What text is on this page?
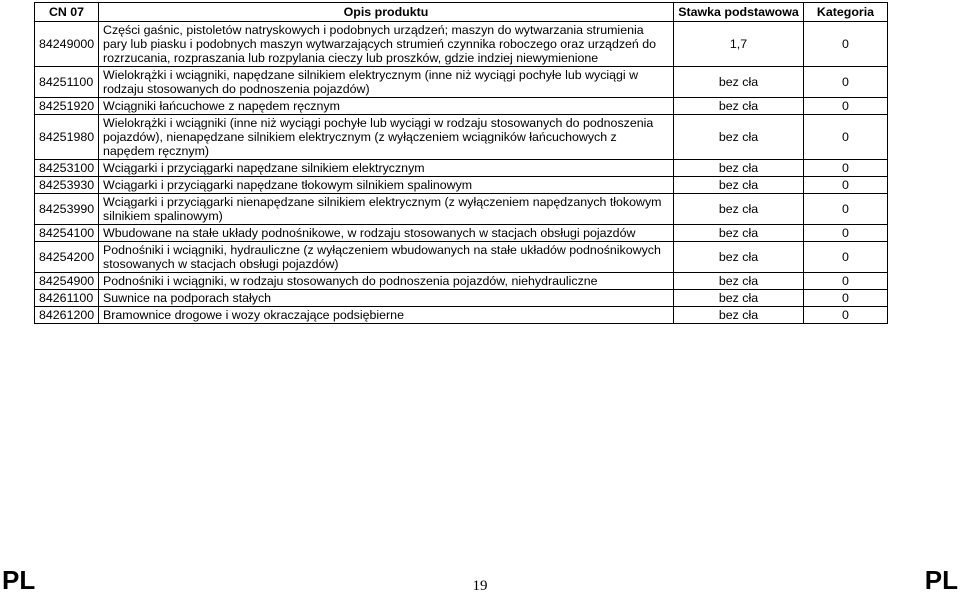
CN 07	Opis produktu	Stawka podstawowa	Kategoria
84249000	Części gaśnic, pistoletów natryskowych i podobnych urządzeń; maszyn do wytwarzania strumienia pary lub piasku i podobnych maszyn wytwarzających strumień czynnika roboczego oraz urządzeń do rozrzucania, rozpraszania lub rozpylania cieczy lub proszków, gdzie indziej niewymienione	1,7	0
84251100	Wielokrążki i wciągniki, napędzane silnikiem elektrycznym (inne niż wyciągi pochyłe lub wyciągi w rodzaju stosowanych do podnoszenia pojazdów)	bez cła	0
84251920	Wciągniki łańcuchowe z napędem ręcznym	bez cła	0
84251980	Wielokrążki i wciągniki (inne niż wyciągi pochyłe lub wyciągi w rodzaju stosowanych do podnoszenia pojazdów), nienapędzane silnikiem elektrycznym (z wyłączeniem wciągników łańcuchowych z napędem ręcznym)	bez cła	0
84253100	Wciągarki i przyciągarki napędzane silnikiem elektrycznym	bez cła	0
84253930	Wciągarki i przyciągarki napędzane tłokowym silnikiem spalinowym	bez cła	0
84253990	Wciągarki i przyciągarki nienapędzane silnikiem elektrycznym (z wyłączeniem napędzanych tłokowym silnikiem spalinowym)	bez cła	0
84254100	Wbudowane na stałe układy podnośnikowe, w rodzaju stosowanych w stacjach obsługi pojazdów	bez cła	0
84254200	Podnośniki i wciągniki, hydrauliczne (z wyłączeniem wbudowanych na stałe układów podnośnikowych stosowanych w stacjach obsługi pojazdów)	bez cła	0
84254900	Podnośniki i wciągniki, w rodzaju stosowanych do podnoszenia pojazdów, niehydrauliczne	bez cła	0
84261100	Suwnice na podporach stałych	bez cła	0
84261200	Bramownice drogowe i wozy okraczające podsiębierne	bez cła	0
PL	19	PL
